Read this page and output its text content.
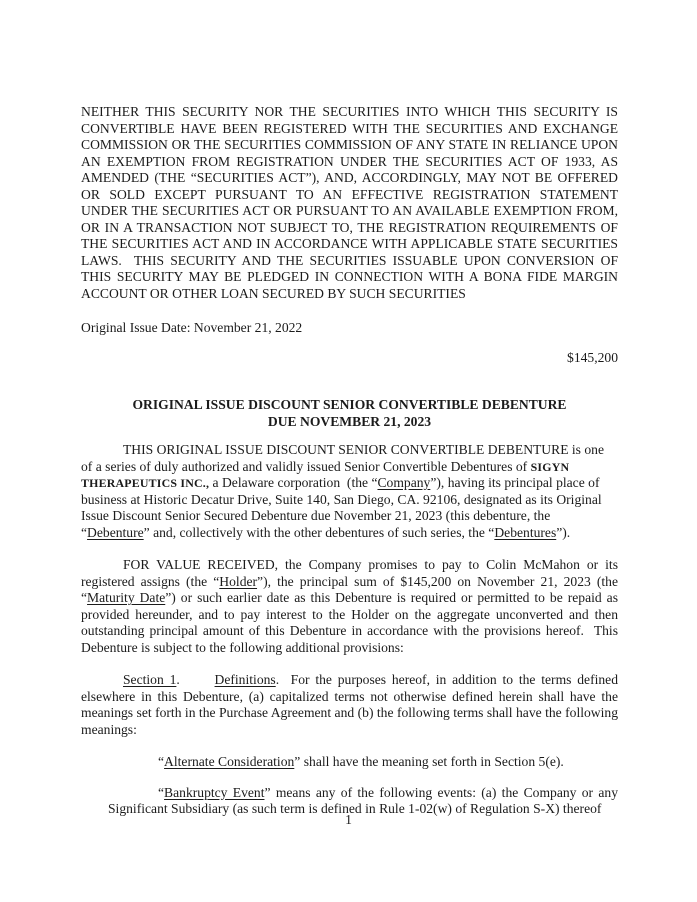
NEITHER THIS SECURITY NOR THE SECURITIES INTO WHICH THIS SECURITY IS CONVERTIBLE HAVE BEEN REGISTERED WITH THE SECURITIES AND EXCHANGE COMMISSION OR THE SECURITIES COMMISSION OF ANY STATE IN RELIANCE UPON AN EXEMPTION FROM REGISTRATION UNDER THE SECURITIES ACT OF 1933, AS AMENDED (THE “SECURITIES ACT”), AND, ACCORDINGLY, MAY NOT BE OFFERED OR SOLD EXCEPT PURSUANT TO AN EFFECTIVE REGISTRATION STATEMENT UNDER THE SECURITIES ACT OR PURSUANT TO AN AVAILABLE EXEMPTION FROM, OR IN A TRANSACTION NOT SUBJECT TO, THE REGISTRATION REQUIREMENTS OF THE SECURITIES ACT AND IN ACCORDANCE WITH APPLICABLE STATE SECURITIES LAWS.  THIS SECURITY AND THE SECURITIES ISSUABLE UPON CONVERSION OF THIS SECURITY MAY BE PLEDGED IN CONNECTION WITH A BONA FIDE MARGIN ACCOUNT OR OTHER LOAN SECURED BY SUCH SECURITIES

Original Issue Date: November 21, 2022

$145,200

ORIGINAL ISSUE DISCOUNT SENIOR CONVERTIBLE DEBENTURE
DUE NOVEMBER 21, 2023

THIS ORIGINAL ISSUE DISCOUNT SENIOR CONVERTIBLE DEBENTURE is one of a series of duly authorized and validly issued Senior Convertible Debentures of SIGYN THERAPEUTICS INC., a Delaware corporation  (the “Company”), having its principal place of business at Historic Decatur Drive, Suite 140, San Diego, CA. 92106, designated as its Original Issue Discount Senior Secured Debenture due November 21, 2023 (this debenture, the “Debenture” and, collectively with the other debentures of such series, the “Debentures”).

FOR VALUE RECEIVED, the Company promises to pay to Colin McMahon or its registered assigns (the “Holder”), the principal sum of $145,200 on November 21, 2023 (the “Maturity Date”) or such earlier date as this Debenture is required or permitted to be repaid as provided hereunder, and to pay interest to the Holder on the aggregate unconverted and then outstanding principal amount of this Debenture in accordance with the provisions hereof.  This Debenture is subject to the following additional provisions:

Section 1.      Definitions.  For the purposes hereof, in addition to the terms defined elsewhere in this Debenture, (a) capitalized terms not otherwise defined herein shall have the meanings set forth in the Purchase Agreement and (b) the following terms shall have the following meanings:

“Alternate Consideration” shall have the meaning set forth in Section 5(e).

“Bankruptcy Event” means any of the following events: (a) the Company or any Significant Subsidiary (as such term is defined in Rule 1-02(w) of Regulation S-X) thereof

1
